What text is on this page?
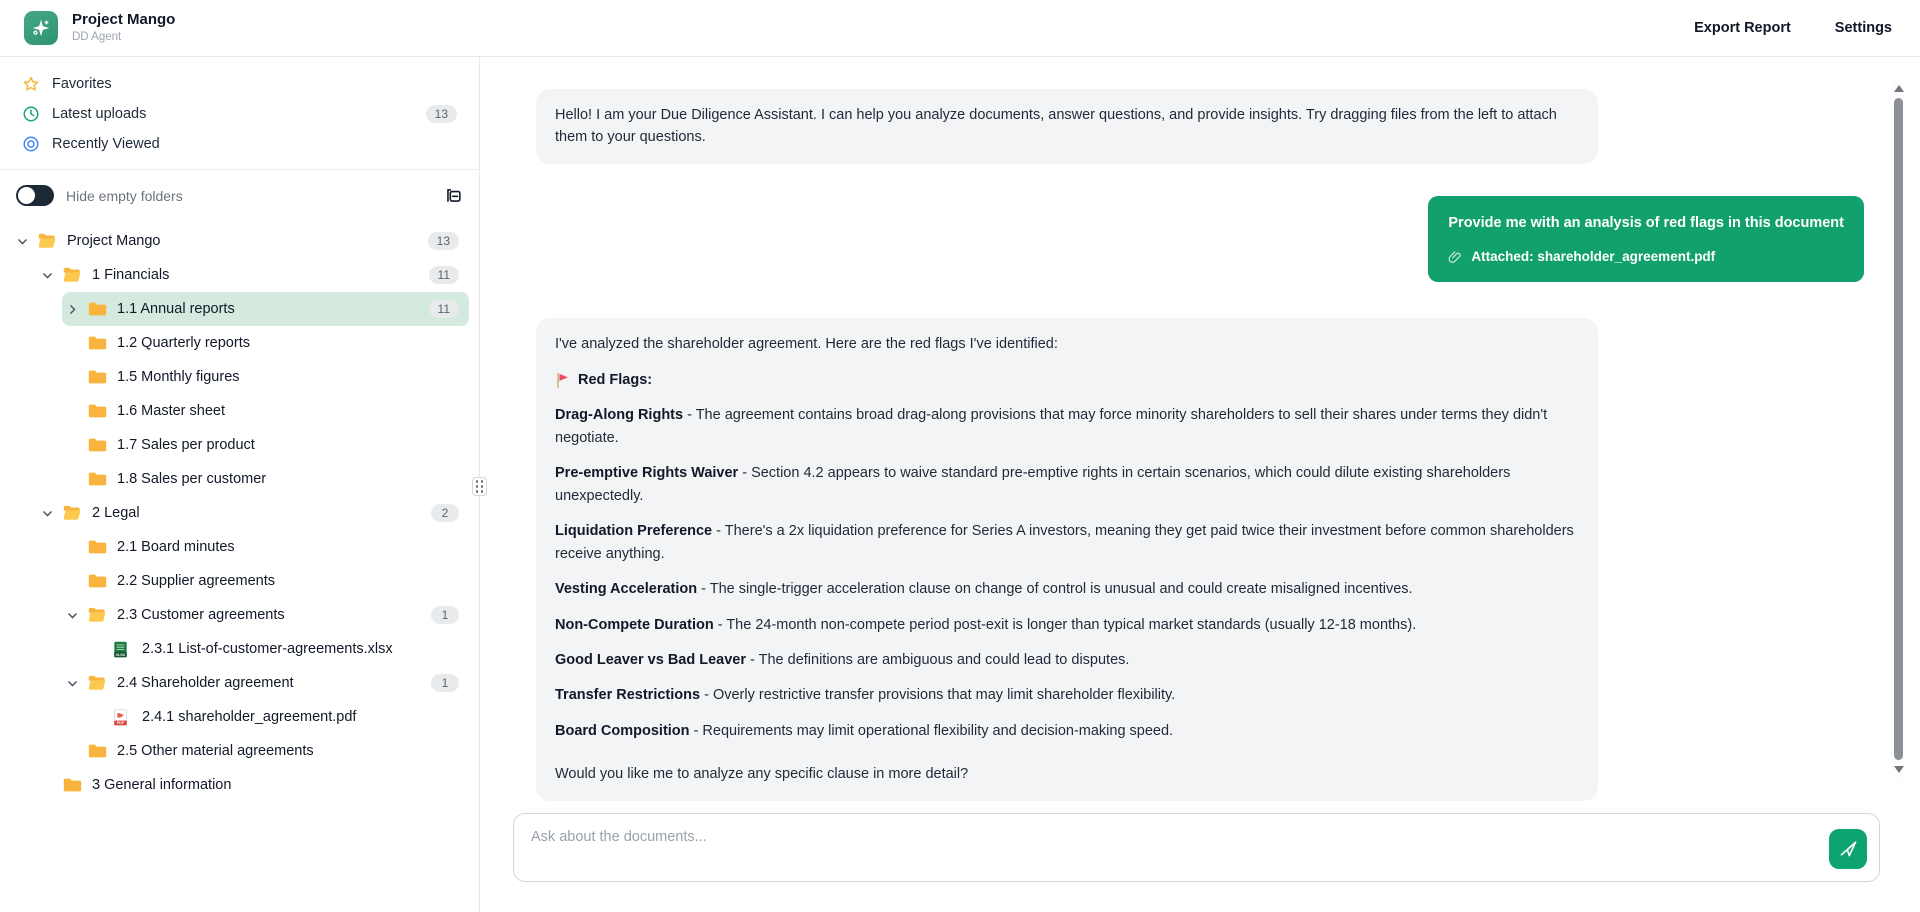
Project Mango
DD Agent
Export Report	Settings
Favorites
Latest uploads	13
Recently Viewed
Hide empty folders
Project Mango	13
1 Financials	11
1.1 Annual reports	11
1.2 Quarterly reports
1.5 Monthly figures
1.6 Master sheet
1.7 Sales per product
1.8 Sales per customer
2 Legal	2
2.1 Board minutes
2.2 Supplier agreements
2.3 Customer agreements	1
XLSX 2.3.1 List-of-customer-agreements.xlsx
2.4 Shareholder agreement	1
PDF 2.4.1 shareholder_agreement.pdf
2.5 Other material agreements
3 General information
Hello! I am your Due Diligence Assistant. I can help you analyze documents, answer questions, and provide insights. Try dragging files from the left to attach them to your questions.
Provide me with an analysis of red flags in this document
Attached: shareholder_agreement.pdf

I've analyzed the shareholder agreement. Here are the red flags I've identified:

Red Flags:

Drag-Along Rights - The agreement contains broad drag-along provisions that may force minority shareholders to sell their shares under terms they didn't negotiate.

Pre-emptive Rights Waiver - Section 4.2 appears to waive standard pre-emptive rights in certain scenarios, which could dilute existing shareholders unexpectedly.

Liquidation Preference - There's a 2x liquidation preference for Series A investors, meaning they get paid twice their investment before common shareholders receive anything.

Vesting Acceleration - The single-trigger acceleration clause on change of control is unusual and could create misaligned incentives.

Non-Compete Duration - The 24-month non-compete period post-exit is longer than typical market standards (usually 12-18 months).

Good Leaver vs Bad Leaver - The definitions are ambiguous and could lead to disputes.

Transfer Restrictions - Overly restrictive transfer provisions that may limit shareholder flexibility.

Board Composition - Requirements may limit operational flexibility and decision-making speed.

Would you like me to analyze any specific clause in more detail?

Ask about the documents...
